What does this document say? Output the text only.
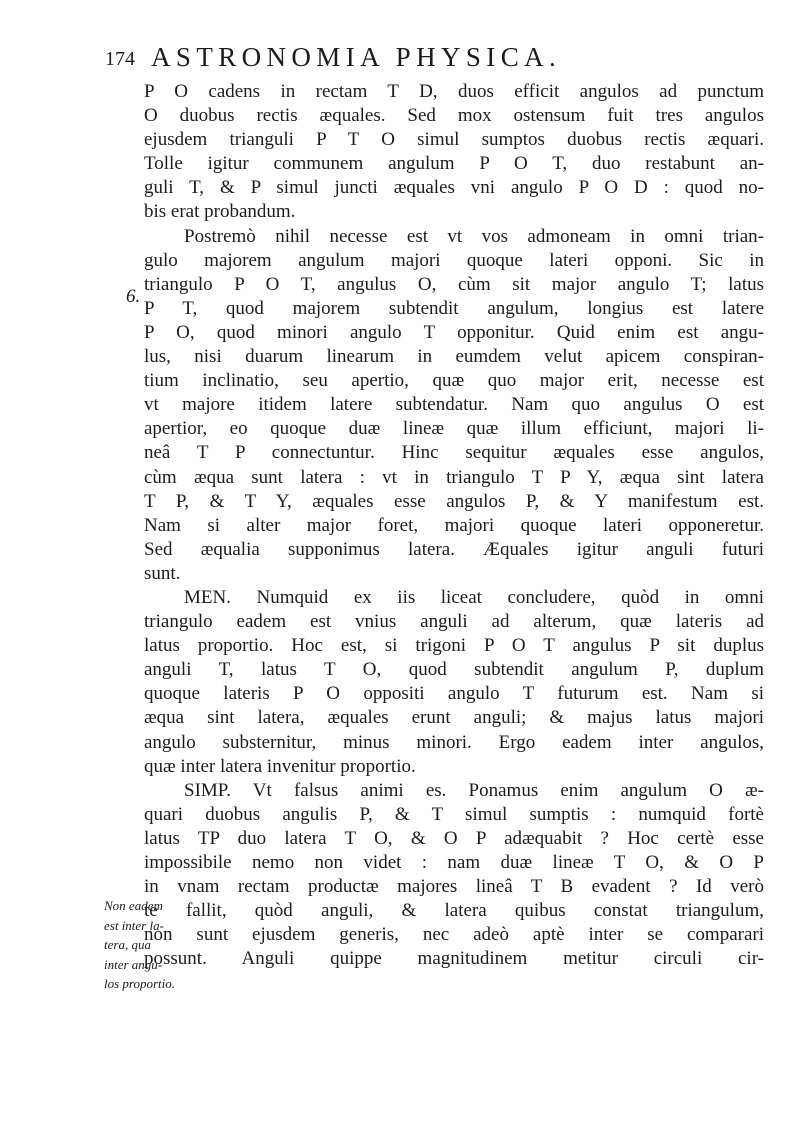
174 ASTRONOMIA PHYSICA.
6.
Non eadem
est inter la-
tera, qua
inter angu-
los proportio.
P O cadens in rectam T D, duos efficit angulos ad punctum
O duobus rectis æquales. Sed mox ostensum fuit tres angulos
ejusdem trianguli P T O simul sumptos duobus rectis æquari.
Tolle igitur communem angulum P O T, duo restabunt an-
guli T, & P simul juncti æquales vni angulo P O D : quod no-
bis erat probandum.
Postremò nihil necesse est vt vos admoneam in omni trian-
gulo majorem angulum majori quoque lateri opponi. Sic in
triangulo P O T, angulus O, cùm sit major angulo T; latus
P T, quod majorem subtendit angulum, longius est latere
P O, quod minori angulo T opponitur. Quid enim est angu-
lus, nisi duarum linearum in eumdem velut apicem conspiran-
tium inclinatio, seu apertio, quæ quo major erit, necesse est
vt majore itidem latere subtendatur. Nam quo angulus O est
apertior, eo quoque duæ lineæ quæ illum efficiunt, majori li-
neâ T P connectuntur. Hinc sequitur æquales esse angulos,
cùm æqua sunt latera : vt in triangulo T P Y, æqua sint latera
T P, & T Y, æquales esse angulos P, & Y manifestum est.
Nam si alter major foret, majori quoque lateri opponeretur.
Sed æqualia supponimus latera. Æquales igitur anguli futuri
sunt.
MEN. Numquid ex iis liceat concludere, quòd in omni
triangulo eadem est vnius anguli ad alterum, quæ lateris ad
latus proportio. Hoc est, si trigoni P O T angulus P sit duplus
anguli T, latus T O, quod subtendit angulum P, duplum
quoque lateris P O oppositi angulo T futurum est. Nam si
æqua sint latera, æquales erunt anguli; & majus latus majori
angulo substernitur, minus minori. Ergo eadem inter angulos,
quæ inter latera invenitur proportio.
SIMP. Vt falsus animi es. Ponamus enim angulum O æ-
quari duobus angulis P, & T simul sumptis : numquid fortè
latus TP duo latera T O, & O P adæquabit ? Hoc certè esse
impossibile nemo non videt : nam duæ lineæ T O, & O P
in vnam rectam productæ majores lineâ T B evadent ? Id verò
te fallit, quòd anguli, & latera quibus constat triangulum,
non sunt ejusdem generis, nec adeò aptè inter se comparari
possunt. Anguli quippe magnitudinem metitur circuli cir-
